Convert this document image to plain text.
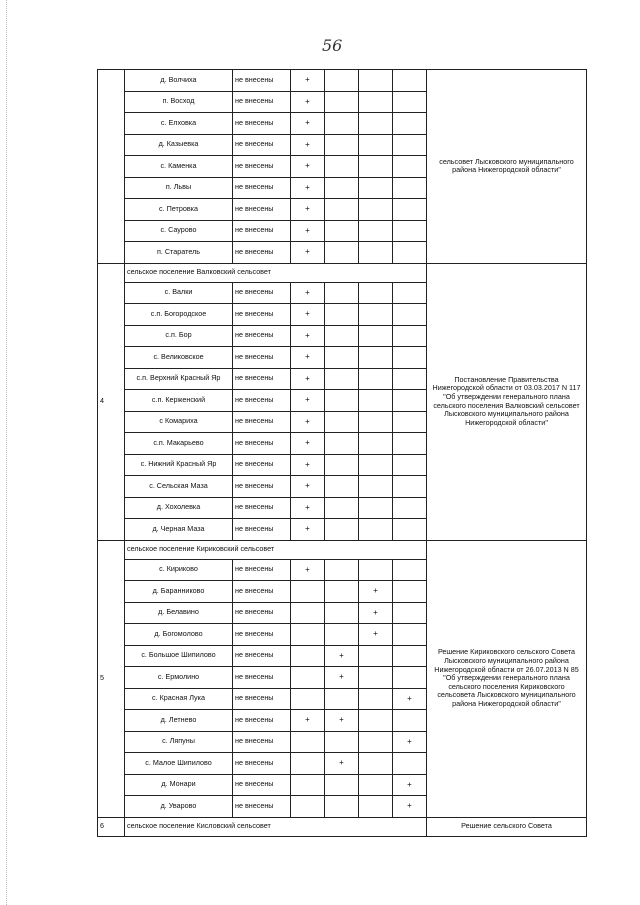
56
	д. Волчиха	не внесены	+				сельсовет Лысковского муниципального района Нижегородской области"
	п. Восход	не внесены	+				
	с. Елховка	не внесены	+				
	д. Казыевка	не внесены	+				
	с. Каменка	не внесены	+				
	п. Львы	не внесены	+				
	с. Петровка	не внесены	+				
	с. Саурово	не внесены	+				
	п. Старатель	не внесены	+				
4	сельское поселение Валковский сельсовет						Постановление Правительства Нижегородской области от 03.03.2017 N 117 "Об утверждении генерального плана сельского поселения Валковский сельсовет Лысковского муниципального района Нижегородской области"
	с. Валки	не внесены	+				
	с.п. Богородское	не внесены	+				
	с.п. Бор	не внесены	+				
	с. Великовское	не внесены	+				
	с.п. Верхний Красный Яр	не внесены	+				
	с.п. Керженский	не внесены	+				
	с Комариха	не внесены	+				
	с.п. Макарьево	не внесены	+				
	с. Нижний Красный Яр	не внесены	+				
	с. Сельская Маза	не внесены	+				
	д. Хохолевка	не внесены	+				
	д. Черная Маза	не внесены	+				
5	сельское поселение Кириковский сельсовет						Решение Кириковского сельского Совета Лысковского муниципального района Нижегородской области от 26.07.2013 N 85 "Об утверждении генерального плана сельского поселения Кириковского сельсовета Лысковского муниципального района Нижегородской области"
	с. Кириково	не внесены	+				
	д. Баранниково	не внесены			+		
	д. Белавино	не внесены			+		
	д. Богомолово	не внесены			+		
	с. Большое Шипилово	не внесены		+			
	с. Ермолино	не внесены		+			
	с. Красная Лука	не внесены				+	
	д. Летнево	не внесены	+	+			
	с. Ляпуны	не внесены				+	
	с. Малое Шипилово	не внесены		+			
	д. Монари	не внесены				+	
	д. Уварово	не внесены				+	
6	сельское поселение Кисловский сельсовет						Решение сельского Совета
